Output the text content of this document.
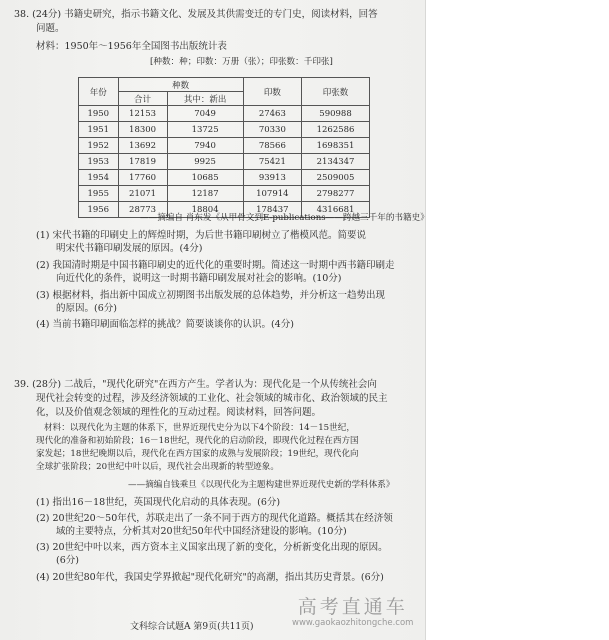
38. (24分) 书籍史研究，指示书籍文化、发展及其供需变迁的专门史，阅读材料，回答
问题。
材料：1950年～1956年全国图书出版统计表
[种数：种；印数：万册（张）；印张数：千印张]
年份	种数		印数	印张数
	合计	其中：新出		
1950	12153	7049	27463	590988
1951	18300	13725	70330	1262586
1952	13692	7940	78566	1698351
1953	17819	9925	75421	2134347
1954	17760	10685	93913	2509005
1955	21071	12187	107914	2798277
1956	28773	18804	178437	4316681
——摘编自 肖东发《从甲骨文到E-publications——跨越三千年的书籍史》
(1) 宋代书籍的印刷史上的辉煌时期，为后世书籍印刷树立了楷模风范。简要说
明宋代书籍印刷发展的原因。(4分)
(2) 我国清时期是中国书籍印刷史的近代化的重要时期。简述这一时期中西书籍印刷走
向近代化的条件，说明这一时期书籍印刷发展对社会的影响。(10分)
(3) 根据材料，指出新中国成立初期图书出版发展的总体趋势，并分析这一趋势出现
的原因。(6分)
(4) 当前书籍印刷面临怎样的挑战？简要谈谈你的认识。(4分)
39. (28分) 二战后，"现代化研究"在西方产生。学者认为：现代化是一个从传统社会向
现代社会转变的过程，涉及经济领域的工业化、社会领域的城市化、政治领域的民主
化，以及价值观念领域的理性化的互动过程。阅读材料，回答问题。
材料：以现代化为主题的体系下，世界近现代史分为以下4个阶段：14－15世纪，
现代化的准备和初始阶段；16－18世纪，现代化的启动阶段，即现代化过程在西方国
家发起；18世纪晚期以后，现代化在西方国家的成熟与发展阶段；19世纪，现代化向
全球扩张阶段；20世纪中叶以后，现代社会出现新的转型迹象。
——摘编自钱乘旦《以现代化为主题构建世界近现代史新的学科体系》
(1) 指出16－18世纪，英国现代化启动的具体表现。(6分)
(2) 20世纪20～50年代，苏联走出了一条不同于西方的现代化道路。概括其在经济领
域的主要特点，分析其对20世纪50年代中国经济建设的影响。(10分)
(3) 20世纪中叶以来，西方资本主义国家出现了新的变化，分析新变化出现的原因。
(6分)
(4) 20世纪80年代，我国史学界掀起"现代化研究"的高潮，指出其历史背景。(6分)
文科综合试题A 第9页(共11页)
高考直通车
www.gaokaozhitongche.com
